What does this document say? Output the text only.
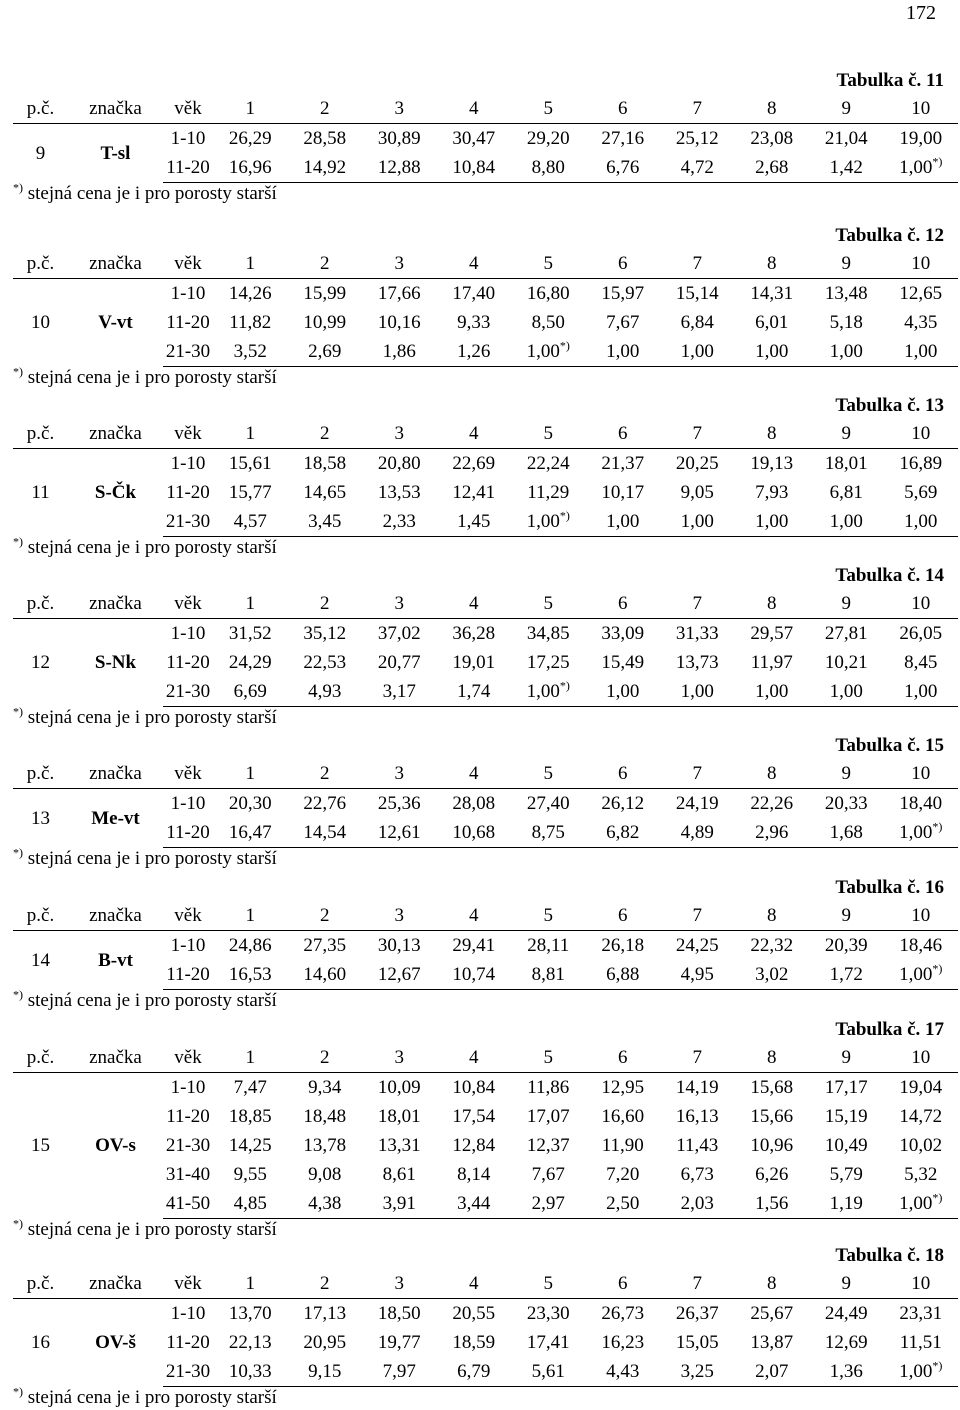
172
Tabulka č. 11
p.č.	značka	věk	1	2	3	4	5	6	7	8	9	10
9	T-sl	1-10	26,29	28,58	30,89	30,47	29,20	27,16	25,12	23,08	21,04	19,00
		11-20	16,96	14,92	12,88	10,84	8,80	6,76	4,72	2,68	1,42	1,00*)
*) stejná cena je i pro porosty starší
Tabulka č. 12
p.č.	značka	věk	1	2	3	4	5	6	7	8	9	10
10	V-vt	1-10	14,26	15,99	17,66	17,40	16,80	15,97	15,14	14,31	13,48	12,65
		11-20	11,82	10,99	10,16	9,33	8,50	7,67	6,84	6,01	5,18	4,35
		21-30	3,52	2,69	1,86	1,26	1,00*)	1,00	1,00	1,00	1,00	1,00
*) stejná cena je i pro porosty starší
Tabulka č. 13
p.č.	značka	věk	1	2	3	4	5	6	7	8	9	10
11	S-Čk	1-10	15,61	18,58	20,80	22,69	22,24	21,37	20,25	19,13	18,01	16,89
		11-20	15,77	14,65	13,53	12,41	11,29	10,17	9,05	7,93	6,81	5,69
		21-30	4,57	3,45	2,33	1,45	1,00*)	1,00	1,00	1,00	1,00	1,00
*) stejná cena je i pro porosty starší
Tabulka č. 14
p.č.	značka	věk	1	2	3	4	5	6	7	8	9	10
12	S-Nk	1-10	31,52	35,12	37,02	36,28	34,85	33,09	31,33	29,57	27,81	26,05
		11-20	24,29	22,53	20,77	19,01	17,25	15,49	13,73	11,97	10,21	8,45
		21-30	6,69	4,93	3,17	1,74	1,00*)	1,00	1,00	1,00	1,00	1,00
*) stejná cena je i pro porosty starší
Tabulka č. 15
p.č.	značka	věk	1	2	3	4	5	6	7	8	9	10
13	Me-vt	1-10	20,30	22,76	25,36	28,08	27,40	26,12	24,19	22,26	20,33	18,40
		11-20	16,47	14,54	12,61	10,68	8,75	6,82	4,89	2,96	1,68	1,00*)
*) stejná cena je i pro porosty starší
Tabulka č. 16
p.č.	značka	věk	1	2	3	4	5	6	7	8	9	10
14	B-vt	1-10	24,86	27,35	30,13	29,41	28,11	26,18	24,25	22,32	20,39	18,46
		11-20	16,53	14,60	12,67	10,74	8,81	6,88	4,95	3,02	1,72	1,00*)
*) stejná cena je i pro porosty starší
Tabulka č. 17
p.č.	značka	věk	1	2	3	4	5	6	7	8	9	10
15	OV-s	1-10	7,47	9,34	10,09	10,84	11,86	12,95	14,19	15,68	17,17	19,04
		11-20	18,85	18,48	18,01	17,54	17,07	16,60	16,13	15,66	15,19	14,72
		21-30	14,25	13,78	13,31	12,84	12,37	11,90	11,43	10,96	10,49	10,02
		31-40	9,55	9,08	8,61	8,14	7,67	7,20	6,73	6,26	5,79	5,32
		41-50	4,85	4,38	3,91	3,44	2,97	2,50	2,03	1,56	1,19	1,00*)
*) stejná cena je i pro porosty starší
Tabulka č. 18
p.č.	značka	věk	1	2	3	4	5	6	7	8	9	10
16	OV-š	1-10	13,70	17,13	18,50	20,55	23,30	26,73	26,37	25,67	24,49	23,31
		11-20	22,13	20,95	19,77	18,59	17,41	16,23	15,05	13,87	12,69	11,51
		21-30	10,33	9,15	7,97	6,79	5,61	4,43	3,25	2,07	1,36	1,00*)
*) stejná cena je i pro porosty starší
